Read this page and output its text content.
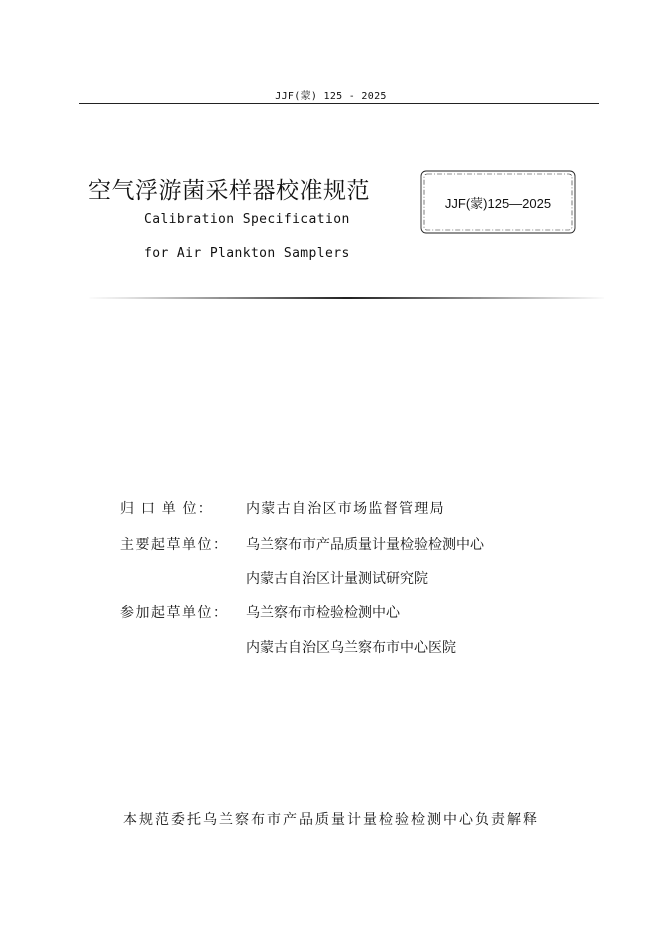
JJF(蒙) 125 - 2025
空气浮游菌采样器校准规范
Calibration Specification
for Air Plankton Samplers
JJF(蒙)125—2025
归 口 单 位： 内蒙古自治区市场监督管理局
主要起草单位： 乌兰察布市产品质量计量检验检测中心
内蒙古自治区计量测试研究院
参加起草单位： 乌兰察布市检验检测中心
内蒙古自治区乌兰察布市中心医院
本规范委托乌兰察布市产品质量计量检验检测中心负责解释
